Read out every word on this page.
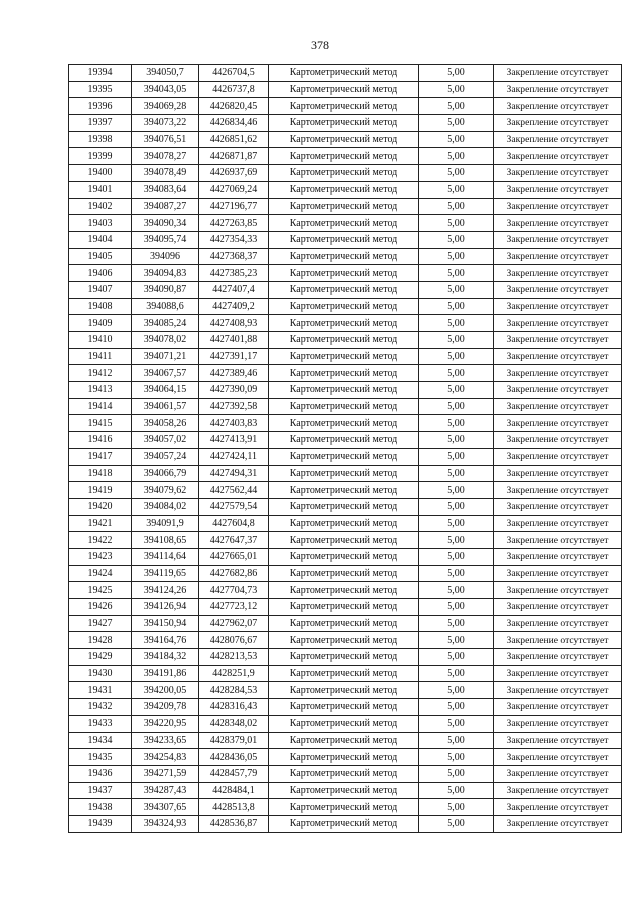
378
19394	394050,7	4426704,5	Картометрический метод	5,00	Закрепление отсутствует
19395	394043,05	4426737,8	Картометрический метод	5,00	Закрепление отсутствует
19396	394069,28	4426820,45	Картометрический метод	5,00	Закрепление отсутствует
19397	394073,22	4426834,46	Картометрический метод	5,00	Закрепление отсутствует
19398	394076,51	4426851,62	Картометрический метод	5,00	Закрепление отсутствует
19399	394078,27	4426871,87	Картометрический метод	5,00	Закрепление отсутствует
19400	394078,49	4426937,69	Картометрический метод	5,00	Закрепление отсутствует
19401	394083,64	4427069,24	Картометрический метод	5,00	Закрепление отсутствует
19402	394087,27	4427196,77	Картометрический метод	5,00	Закрепление отсутствует
19403	394090,34	4427263,85	Картометрический метод	5,00	Закрепление отсутствует
19404	394095,74	4427354,33	Картометрический метод	5,00	Закрепление отсутствует
19405	394096	4427368,37	Картометрический метод	5,00	Закрепление отсутствует
19406	394094,83	4427385,23	Картометрический метод	5,00	Закрепление отсутствует
19407	394090,87	4427407,4	Картометрический метод	5,00	Закрепление отсутствует
19408	394088,6	4427409,2	Картометрический метод	5,00	Закрепление отсутствует
19409	394085,24	4427408,93	Картометрический метод	5,00	Закрепление отсутствует
19410	394078,02	4427401,88	Картометрический метод	5,00	Закрепление отсутствует
19411	394071,21	4427391,17	Картометрический метод	5,00	Закрепление отсутствует
19412	394067,57	4427389,46	Картометрический метод	5,00	Закрепление отсутствует
19413	394064,15	4427390,09	Картометрический метод	5,00	Закрепление отсутствует
19414	394061,57	4427392,58	Картометрический метод	5,00	Закрепление отсутствует
19415	394058,26	4427403,83	Картометрический метод	5,00	Закрепление отсутствует
19416	394057,02	4427413,91	Картометрический метод	5,00	Закрепление отсутствует
19417	394057,24	4427424,11	Картометрический метод	5,00	Закрепление отсутствует
19418	394066,79	4427494,31	Картометрический метод	5,00	Закрепление отсутствует
19419	394079,62	4427562,44	Картометрический метод	5,00	Закрепление отсутствует
19420	394084,02	4427579,54	Картометрический метод	5,00	Закрепление отсутствует
19421	394091,9	4427604,8	Картометрический метод	5,00	Закрепление отсутствует
19422	394108,65	4427647,37	Картометрический метод	5,00	Закрепление отсутствует
19423	394114,64	4427665,01	Картометрический метод	5,00	Закрепление отсутствует
19424	394119,65	4427682,86	Картометрический метод	5,00	Закрепление отсутствует
19425	394124,26	4427704,73	Картометрический метод	5,00	Закрепление отсутствует
19426	394126,94	4427723,12	Картометрический метод	5,00	Закрепление отсутствует
19427	394150,94	4427962,07	Картометрический метод	5,00	Закрепление отсутствует
19428	394164,76	4428076,67	Картометрический метод	5,00	Закрепление отсутствует
19429	394184,32	4428213,53	Картометрический метод	5,00	Закрепление отсутствует
19430	394191,86	4428251,9	Картометрический метод	5,00	Закрепление отсутствует
19431	394200,05	4428284,53	Картометрический метод	5,00	Закрепление отсутствует
19432	394209,78	4428316,43	Картометрический метод	5,00	Закрепление отсутствует
19433	394220,95	4428348,02	Картометрический метод	5,00	Закрепление отсутствует
19434	394233,65	4428379,01	Картометрический метод	5,00	Закрепление отсутствует
19435	394254,83	4428436,05	Картометрический метод	5,00	Закрепление отсутствует
19436	394271,59	4428457,79	Картометрический метод	5,00	Закрепление отсутствует
19437	394287,43	4428484,1	Картометрический метод	5,00	Закрепление отсутствует
19438	394307,65	4428513,8	Картометрический метод	5,00	Закрепление отсутствует
19439	394324,93	4428536,87	Картометрический метод	5,00	Закрепление отсутствует
